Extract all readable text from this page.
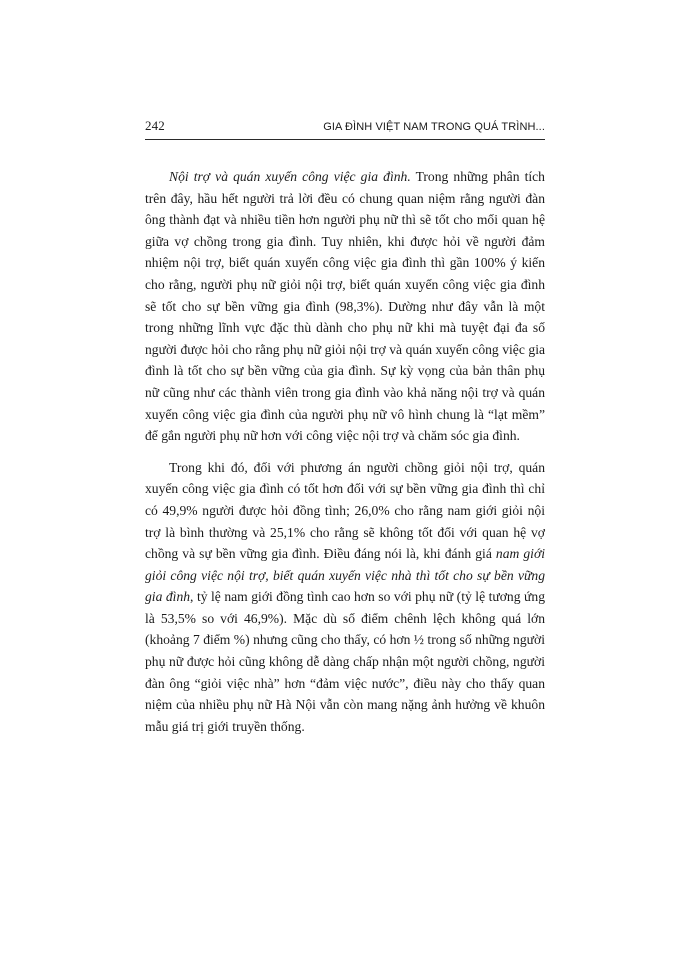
242	GIA ĐÌNH VIỆT NAM TRONG QUÁ TRÌNH...

Nội trợ và quán xuyến công việc gia đình. Trong những phân tích trên đây, hầu hết người trả lời đều có chung quan niệm rằng người đàn ông thành đạt và nhiều tiền hơn người phụ nữ thì sẽ tốt cho mối quan hệ giữa vợ chồng trong gia đình. Tuy nhiên, khi được hỏi về người đảm nhiệm nội trợ, biết quán xuyến công việc gia đình thì gần 100% ý kiến cho rằng, người phụ nữ giỏi nội trợ, biết quán xuyến công việc gia đình sẽ tốt cho sự bền vững gia đình (98,3%). Dường như đây vẫn là một trong những lĩnh vực đặc thù dành cho phụ nữ khi mà tuyệt đại đa số người được hỏi cho rằng phụ nữ giỏi nội trợ và quán xuyến công việc gia đình là tốt cho sự bền vững của gia đình. Sự kỳ vọng của bản thân phụ nữ cũng như các thành viên trong gia đình vào khả năng nội trợ và quán xuyến công việc gia đình của người phụ nữ vô hình chung là “lạt mềm” để gắn người phụ nữ hơn với công việc nội trợ và chăm sóc gia đình.

Trong khi đó, đối với phương án người chồng giỏi nội trợ, quán xuyến công việc gia đình có tốt hơn đối với sự bền vững gia đình thì chỉ có 49,9% người được hỏi đồng tình; 26,0% cho rằng nam giới giỏi nội trợ là bình thường và 25,1% cho rằng sẽ không tốt đối với quan hệ vợ chồng và sự bền vững gia đình. Điều đáng nói là, khi đánh giá nam giới giỏi công việc nội trợ, biết quán xuyến việc nhà thì tốt cho sự bền vững gia đình, tỷ lệ nam giới đồng tình cao hơn so với phụ nữ (tỷ lệ tương ứng là 53,5% so với 46,9%). Mặc dù số điểm chênh lệch không quá lớn (khoảng 7 điểm %) nhưng cũng cho thấy, có hơn ½ trong số những người phụ nữ được hỏi cũng không dễ dàng chấp nhận một người chồng, người đàn ông “giỏi việc nhà” hơn “đảm việc nước”, điều này cho thấy quan niệm của nhiều phụ nữ Hà Nội vẫn còn mang nặng ảnh hưởng về khuôn mẫu giá trị giới truyền thống.
